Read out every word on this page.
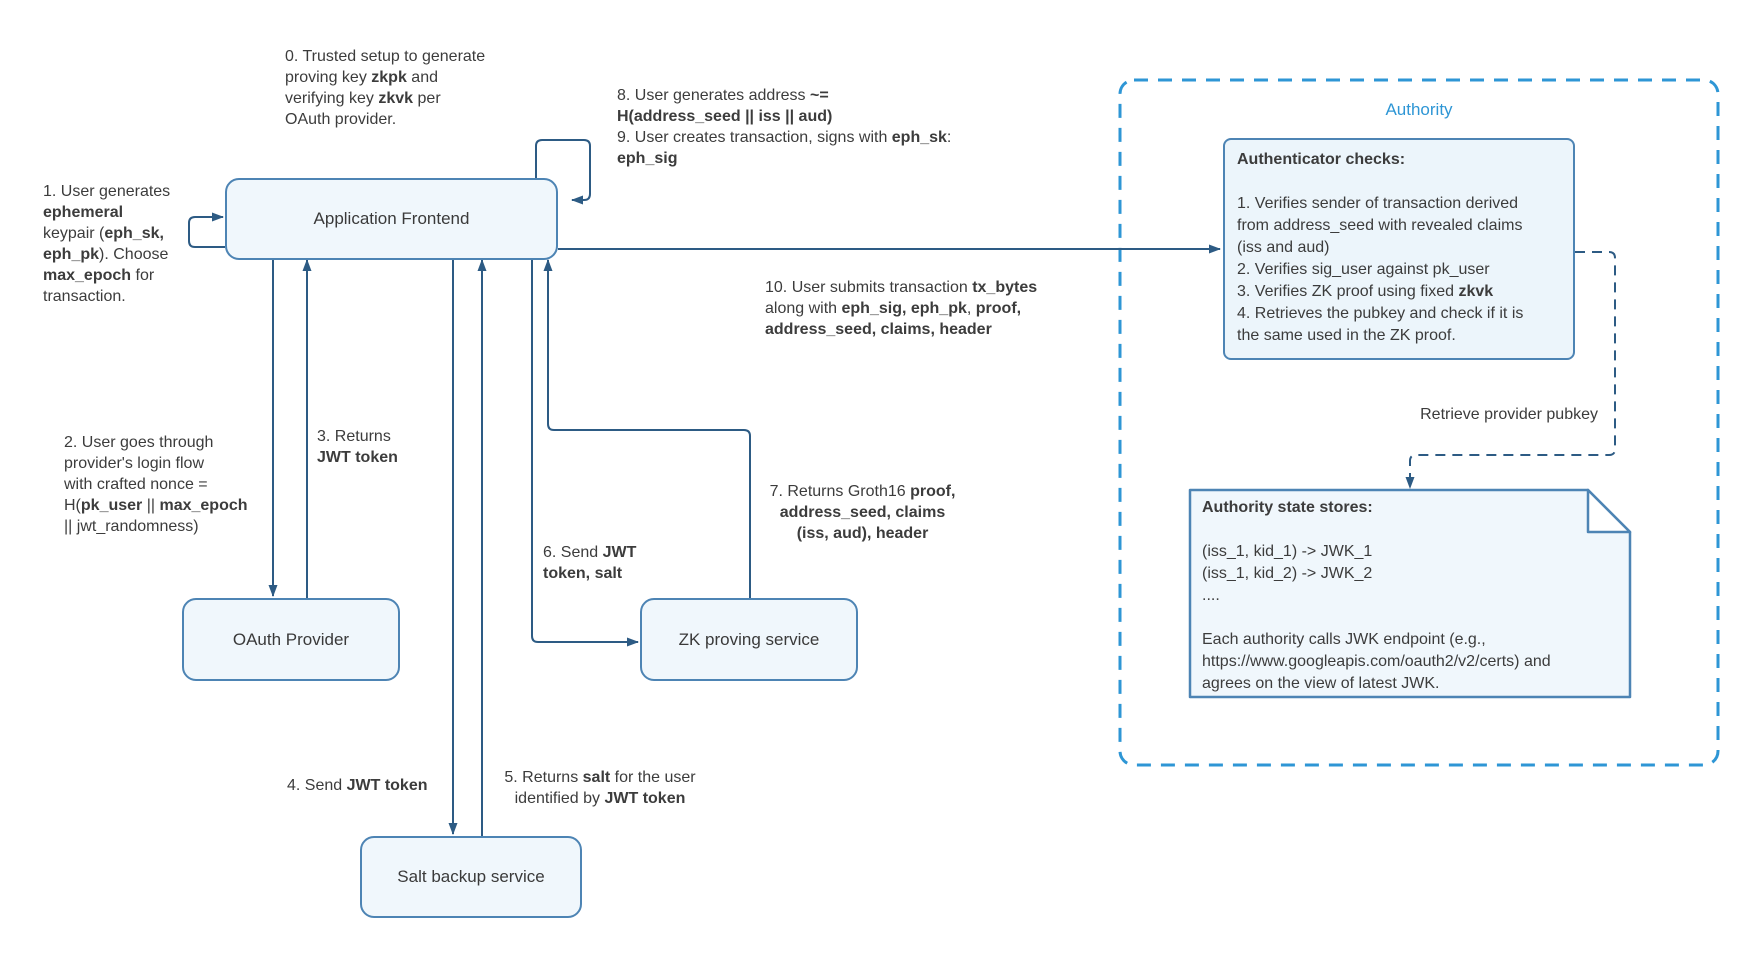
Application Frontend
OAuth Provider	ZK proving service
Salt backup service
Authority
Authenticator checks:
1. Verifies sender of transaction derived
from address_seed with revealed claims
(iss and aud)
2. Verifies sig_user against pk_user
3. Verifies ZK proof using fixed zkvk
4. Retrieves the pubkey and check if it is
the same used in the ZK proof.
Authority state stores:
(iss_1, kid_1) -> JWK_1
(iss_1, kid_2) -> JWK_2
....
Each authority calls JWK endpoint (e.g.,
https://www.googleapis.com/oauth2/v2/certs) and
agrees on the view of latest JWK.
Retrieve provider pubkey
0. Trusted setup to generate
proving key zkpk and
verifying key zkvk per
OAuth provider.
1. User generates
ephemeral
keypair (eph_sk,
eph_pk). Choose
max_epoch for
transaction.
2. User goes through
provider's login flow
with crafted nonce =
H(pk_user || max_epoch
|| jwt_randomness)
3. Returns
JWT token
4. Send JWT token	5. Returns salt for the user
identified by JWT token
6. Send JWT
token, salt
7. Returns Groth16 proof,
address_seed, claims
(iss, aud), header
8. User generates address ~=
H(address_seed || iss || aud)
9. User creates transaction, signs with eph_sk:
eph_sig
10. User submits transaction tx_bytes
along with eph_sig, eph_pk, proof,
address_seed, claims, header
